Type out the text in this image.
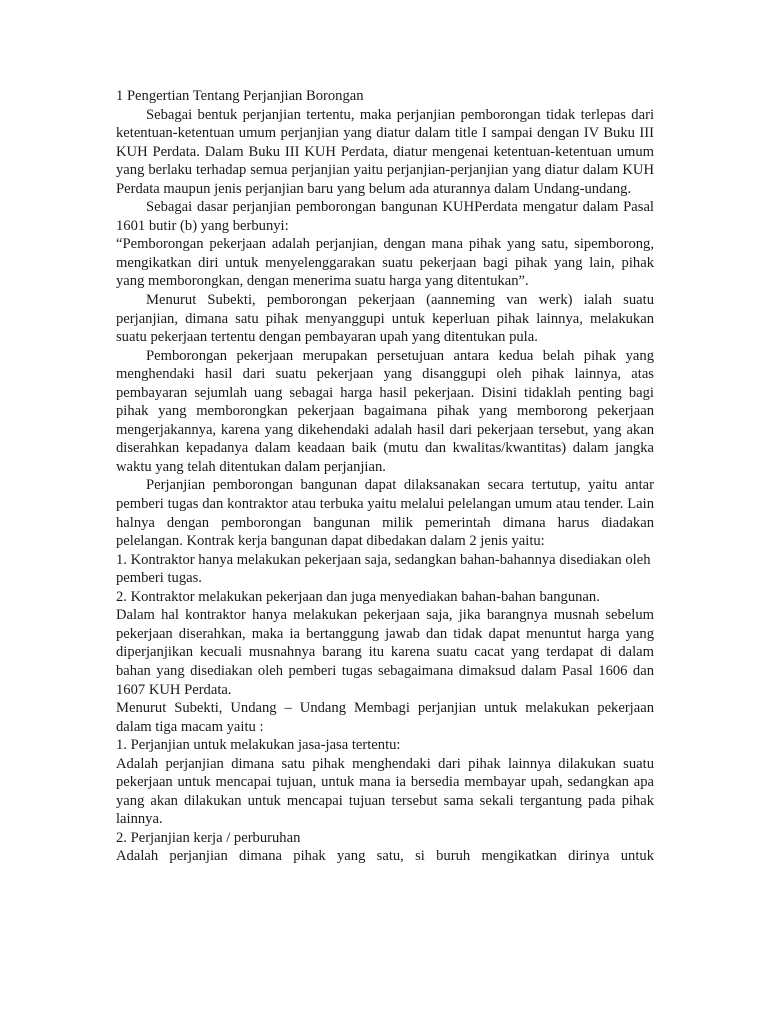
1 Pengertian Tentang Perjanjian Borongan
Sebagai bentuk perjanjian tertentu, maka perjanjian pemborongan tidak terlepas dari ketentuan-ketentuan umum perjanjian yang diatur dalam title I sampai dengan IV Buku III KUH Perdata. Dalam Buku III KUH Perdata, diatur mengenai ketentuan-ketentuan umum yang berlaku terhadap semua perjanjian yaitu perjanjian-perjanjian yang diatur dalam KUH Perdata maupun jenis perjanjian baru yang belum ada aturannya dalam Undang-undang.
Sebagai dasar perjanjian pemborongan bangunan KUHPerdata mengatur dalam Pasal 1601 butir (b) yang berbunyi:
“Pemborongan pekerjaan adalah perjanjian, dengan mana pihak yang satu, sipemborong, mengikatkan diri untuk menyelenggarakan suatu pekerjaan bagi pihak yang lain, pihak yang memborongkan, dengan menerima suatu harga yang ditentukan”.
Menurut Subekti, pemborongan pekerjaan (aanneming van werk) ialah suatu perjanjian, dimana satu pihak menyanggupi untuk keperluan pihak lainnya, melakukan suatu pekerjaan tertentu dengan pembayaran upah yang ditentukan pula.
Pemborongan pekerjaan merupakan persetujuan antara kedua belah pihak yang menghendaki hasil dari suatu pekerjaan yang disanggupi oleh pihak lainnya, atas pembayaran sejumlah uang sebagai harga hasil pekerjaan. Disini tidaklah penting bagi pihak yang memborongkan pekerjaan bagaimana pihak yang memborong pekerjaan mengerjakannya, karena yang dikehendaki adalah hasil dari pekerjaan tersebut, yang akan diserahkan kepadanya dalam keadaan baik (mutu dan kwalitas/kwantitas) dalam jangka waktu yang telah ditentukan dalam perjanjian.
Perjanjian pemborongan bangunan dapat dilaksanakan secara tertutup, yaitu antar pemberi tugas dan kontraktor atau terbuka yaitu melalui pelelangan umum atau tender. Lain halnya dengan pemborongan bangunan milik pemerintah dimana harus diadakan pelelangan. Kontrak kerja bangunan dapat dibedakan dalam 2 jenis yaitu:
1. Kontraktor hanya melakukan pekerjaan saja, sedangkan bahan-bahannya disediakan oleh pemberi tugas.
2. Kontraktor melakukan pekerjaan dan juga menyediakan bahan-bahan bangunan.
Dalam hal kontraktor hanya melakukan pekerjaan saja, jika barangnya musnah sebelum pekerjaan diserahkan, maka ia bertanggung jawab dan tidak dapat menuntut harga yang diperjanjikan kecuali musnahnya barang itu karena suatu cacat yang terdapat di dalam bahan yang disediakan oleh pemberi tugas sebagaimana dimaksud dalam Pasal 1606 dan 1607 KUH Perdata.
Menurut Subekti, Undang – Undang Membagi perjanjian untuk melakukan pekerjaan dalam tiga macam yaitu :
1. Perjanjian untuk melakukan jasa-jasa tertentu:
Adalah perjanjian dimana satu pihak menghendaki dari pihak lainnya dilakukan suatu pekerjaan untuk mencapai tujuan, untuk mana ia bersedia membayar upah, sedangkan apa yang akan dilakukan untuk mencapai tujuan tersebut sama sekali tergantung pada pihak lainnya.
2. Perjanjian kerja / perburuhan
Adalah perjanjian dimana pihak yang satu, si buruh mengikatkan dirinya untuk
